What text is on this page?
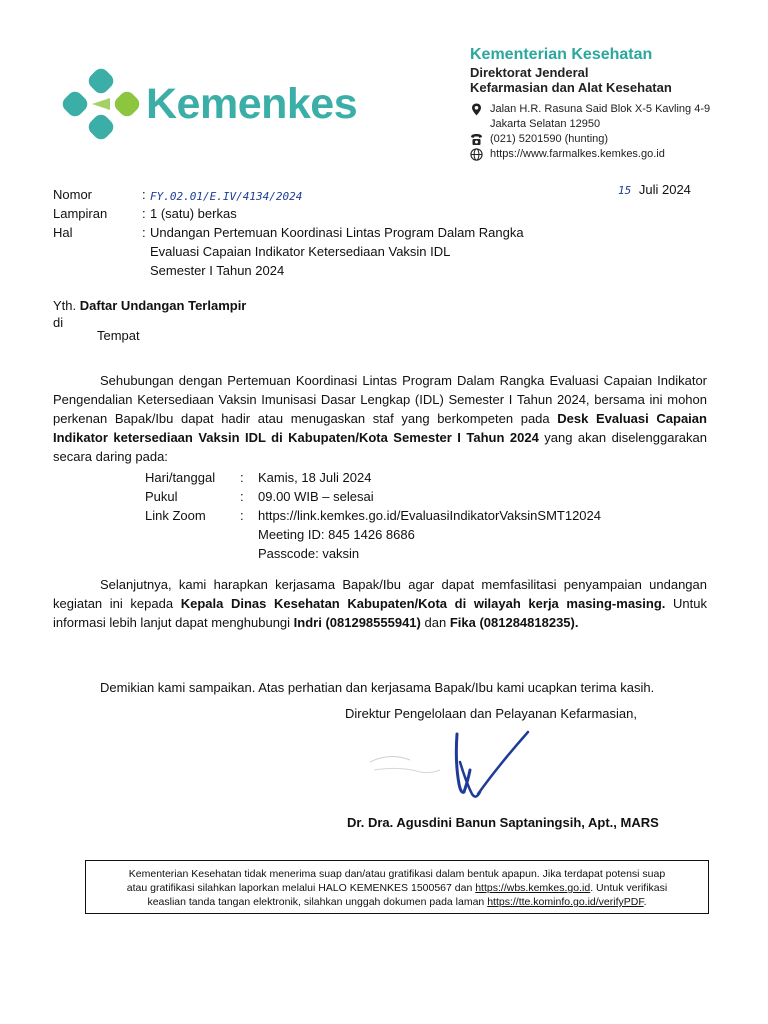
Kemenkes
Kementerian Kesehatan
Direktorat Jenderal
Kefarmasian dan Alat Kesehatan
Jalan H.R. Rasuna Said Blok X-5 Kavling 4-9
Jakarta Selatan 12950
(021) 5201590 (hunting)
https://www.farmalkes.kemkes.go.id
Nomor	: FY.02.01/E.IV/4134/2024
Lampiran	: 1 (satu) berkas
Hal	: Undangan Pertemuan Koordinasi Lintas Program Dalam Rangka
Evaluasi Capaian Indikator Ketersediaan Vaksin IDL
Semester I Tahun 2024
15 Juli 2024
Yth. Daftar Undangan Terlampir
di
Tempat
Sehubungan dengan Pertemuan Koordinasi Lintas Program Dalam Rangka Evaluasi Capaian Indikator Pengendalian Ketersediaan Vaksin Imunisasi Dasar Lengkap (IDL) Semester I Tahun 2024, bersama ini mohon perkenan Bapak/Ibu dapat hadir atau menugaskan staf yang berkompeten pada Desk Evaluasi Capaian Indikator ketersediaan Vaksin IDL di Kabupaten/Kota Semester I Tahun 2024 yang akan diselenggarakan secara daring pada:
Hari/tanggal : Kamis, 18 Juli 2024
Pukul	: 09.00 WIB – selesai
Link Zoom	: https://link.kemkes.go.id/EvaluasiIndikatorVaksinSMT12024
Meeting ID: 845 1426 8686
Passcode: vaksin
Selanjutnya, kami harapkan kerjasama Bapak/Ibu agar dapat memfasilitasi penyampaian undangan kegiatan ini kepada Kepala Dinas Kesehatan Kabupaten/Kota di wilayah kerja masing-masing. Untuk informasi lebih lanjut dapat menghubungi Indri (081298555941) dan Fika (081284818235).
Demikian kami sampaikan. Atas perhatian dan kerjasama Bapak/Ibu kami ucapkan terima kasih.
Direktur Pengelolaan dan Pelayanan Kefarmasian,
Dr. Dra. Agusdini Banun Saptaningsih, Apt., MARS
Kementerian Kesehatan tidak menerima suap dan/atau gratifikasi dalam bentuk apapun. Jika terdapat potensi suap
atau gratifikasi silahkan laporkan melalui HALO KEMENKES 1500567 dan https://wbs.kemkes.go.id. Untuk verifikasi
keaslian tanda tangan elektronik, silahkan unggah dokumen pada laman https://tte.kominfo.go.id/verifyPDF.
